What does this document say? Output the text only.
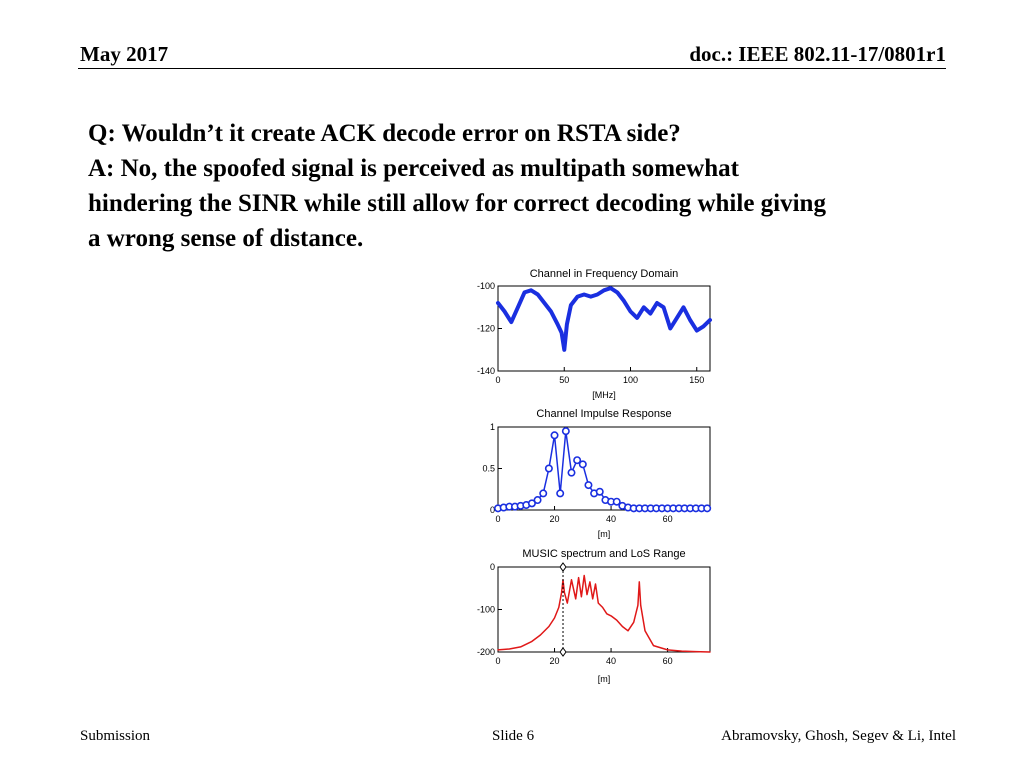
May 2017	doc.: IEEE 802.11-17/0801r1
Q: Wouldn’t it create ACK decode error on RSTA side?
A: No, the spoofed signal is perceived as multipath somewhat
hindering the SINR while still allow for correct decoding while giving
a wrong sense of distance.
Channel in Frequency Domain
-100
-120
-140
0	50	100	150
[MHz]
Channel Impulse Response
1
0.5
0
0	20	40	60
[m]
MUSIC spectrum and LoS Range
0
-100
-200
0	20	40	60
[m]
Submission	Slide 6	Abramovsky, Ghosh, Segev & Li, Intel
